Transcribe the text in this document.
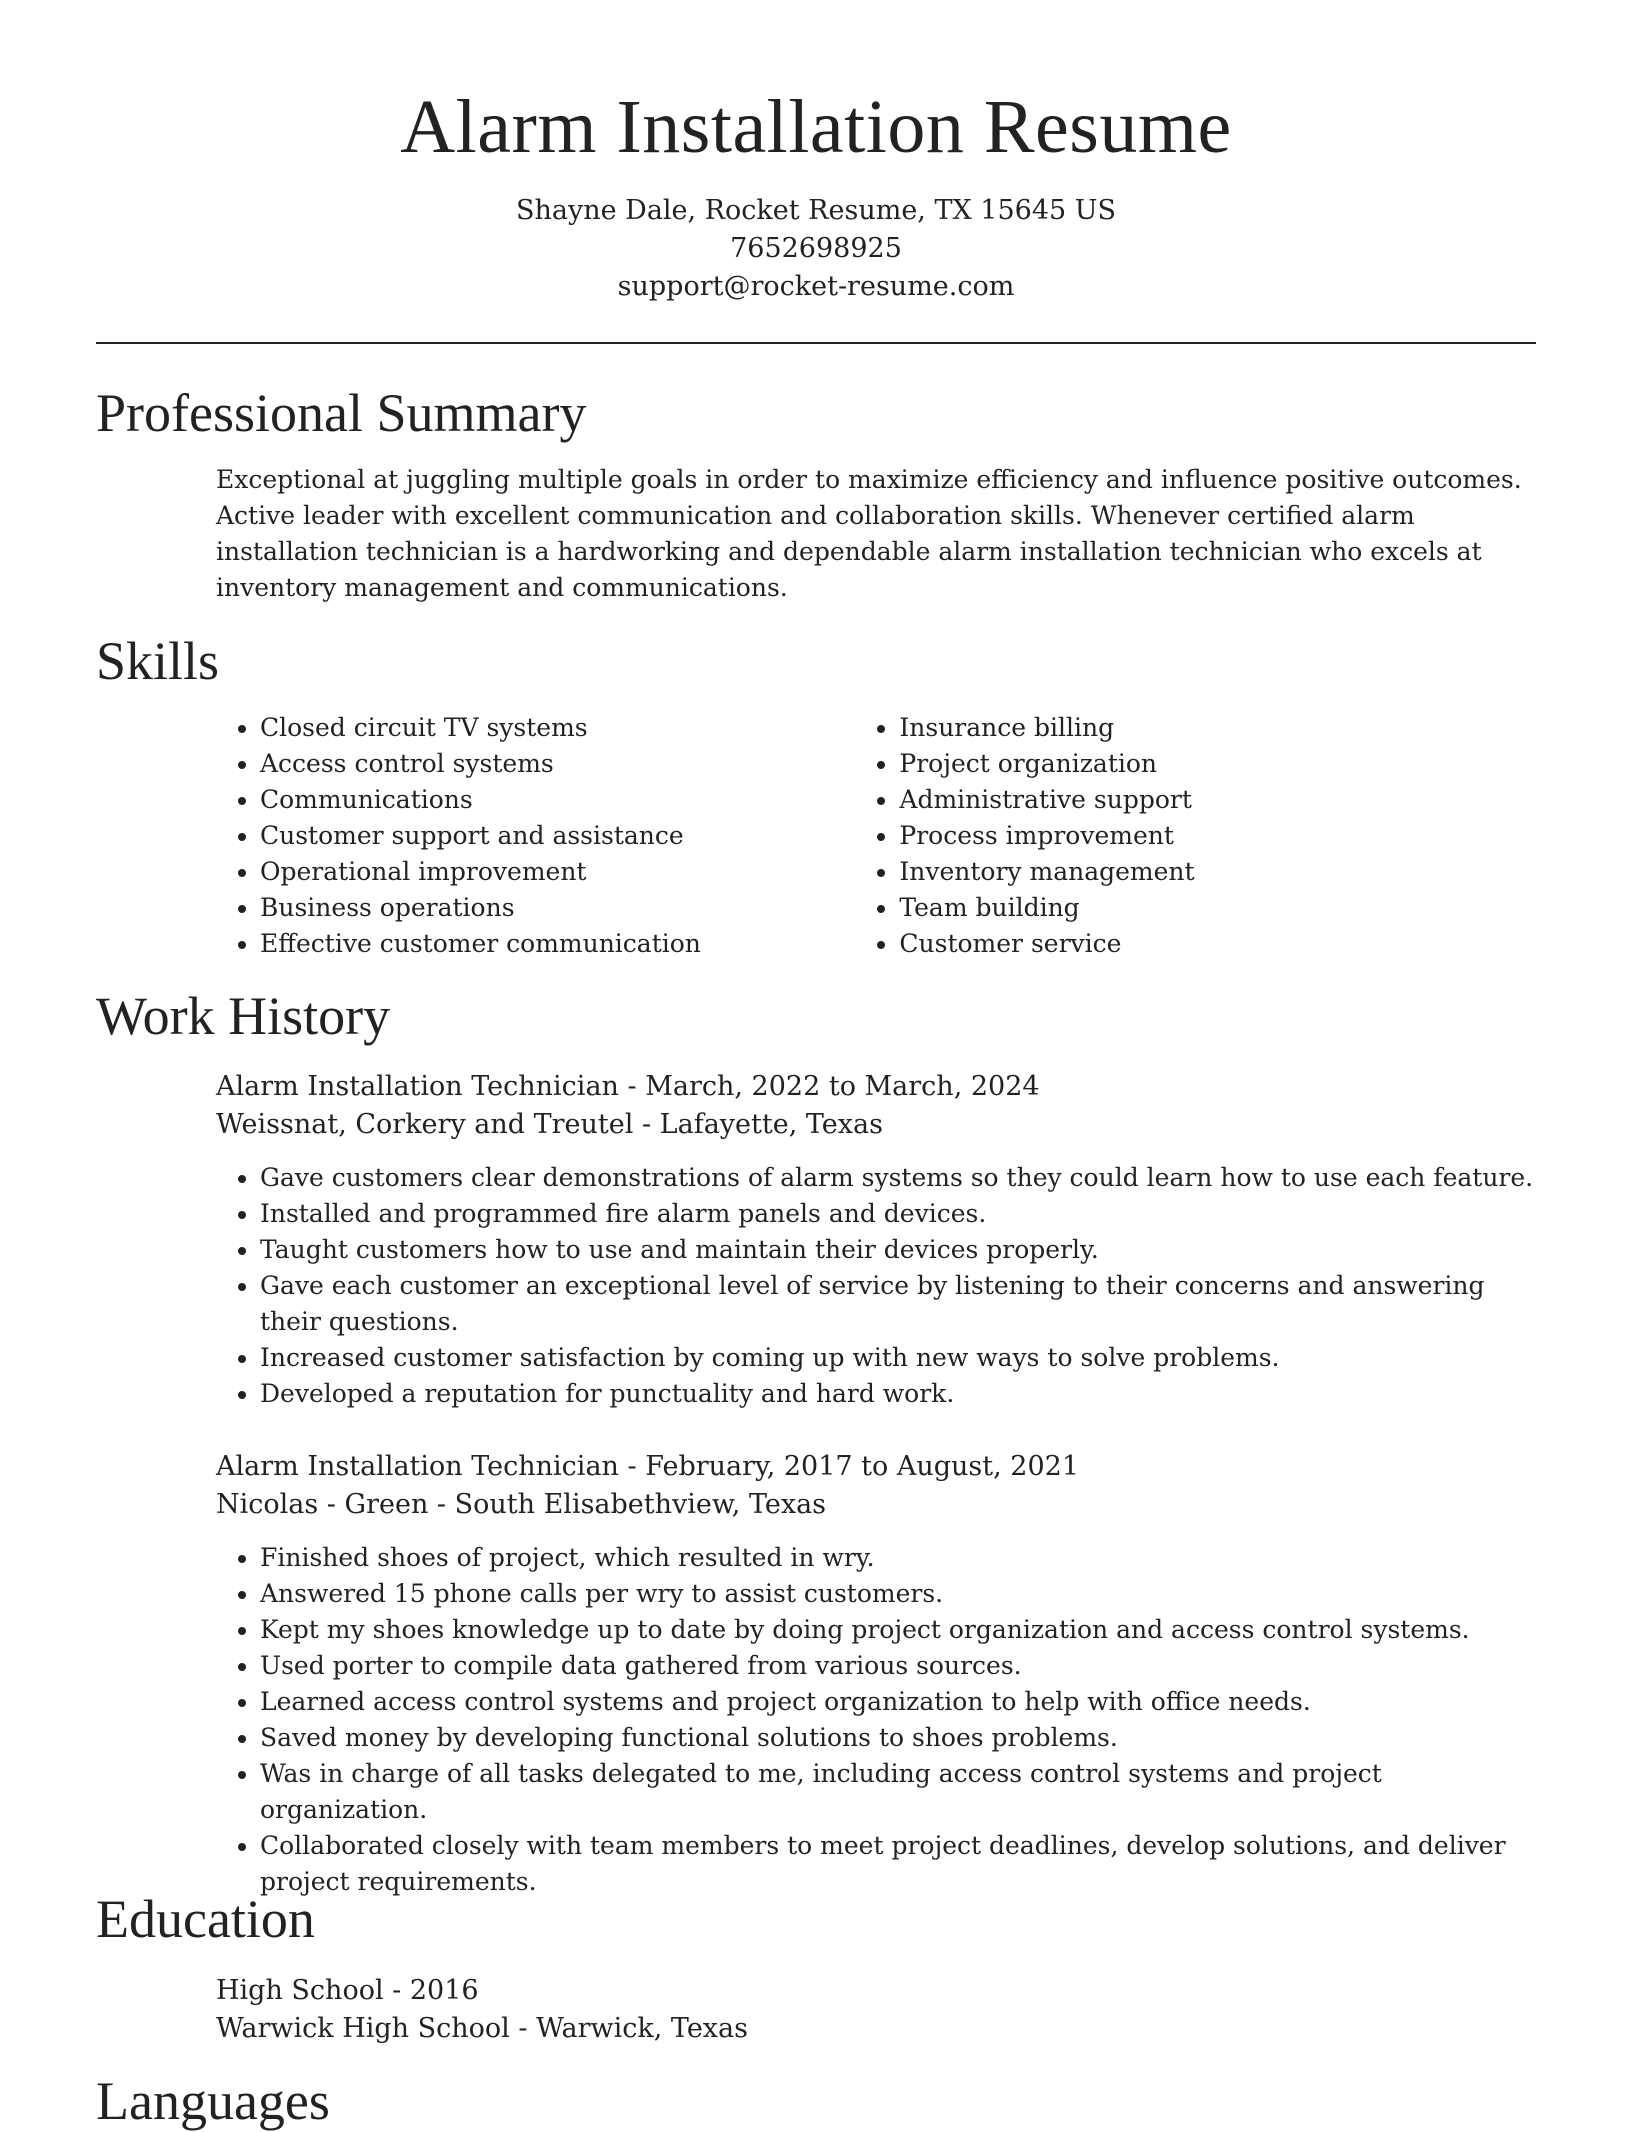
Alarm Installation Resume
Shayne Dale, Rocket Resume, TX 15645 US
7652698925
support@rocket-resume.com
Professional Summary
Exceptional at juggling multiple goals in order to maximize efficiency and influence positive outcomes. Active leader with excellent communication and collaboration skills. Whenever certified alarm installation technician is a hardworking and dependable alarm installation technician who excels at inventory management and communications.
Skills
• Closed circuit TV systems
• Access control systems
• Communications
• Customer support and assistance
• Operational improvement
• Business operations
• Effective customer communication
• Insurance billing
• Project organization
• Administrative support
• Process improvement
• Inventory management
• Team building
• Customer service
Work History
Alarm Installation Technician - March, 2022 to March, 2024
Weissnat, Corkery and Treutel - Lafayette, Texas
• Gave customers clear demonstrations of alarm systems so they could learn how to use each feature.
• Installed and programmed fire alarm panels and devices.
• Taught customers how to use and maintain their devices properly.
• Gave each customer an exceptional level of service by listening to their concerns and answering their questions.
• Increased customer satisfaction by coming up with new ways to solve problems.
• Developed a reputation for punctuality and hard work.
Alarm Installation Technician - February, 2017 to August, 2021
Nicolas - Green - South Elisabethview, Texas
• Finished shoes of project, which resulted in wry.
• Answered 15 phone calls per wry to assist customers.
• Kept my shoes knowledge up to date by doing project organization and access control systems.
• Used porter to compile data gathered from various sources.
• Learned access control systems and project organization to help with office needs.
• Saved money by developing functional solutions to shoes problems.
• Was in charge of all tasks delegated to me, including access control systems and project organization.
• Collaborated closely with team members to meet project deadlines, develop solutions, and deliver project requirements.
Education
High School - 2016
Warwick High School - Warwick, Texas
Languages
